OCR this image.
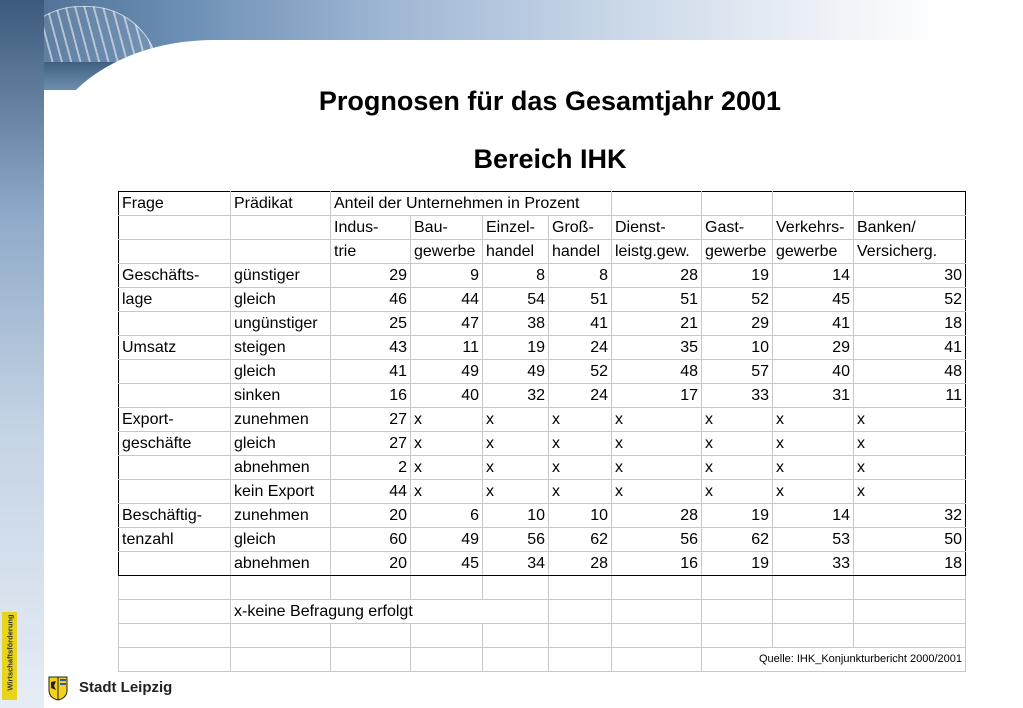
Prognosen für das Gesamtjahr 2001
Bereich IHK
Frage	Prädikat	Anteil der Unternehmen in Prozent							
		Indus-	Bau-	Einzel-	Groß-	Dienst-	Gast-	Verkehrs-	Banken/
		trie	gewerbe	handel	handel	leistg.gew.	gewerbe	gewerbe	Versicherg.
Geschäfts-	günstiger	29	9	8	8	28	19	14	30
lage	gleich	46	44	54	51	51	52	45	52
	ungünstiger	25	47	38	41	21	29	41	18
Umsatz	steigen	43	11	19	24	35	10	29	41
	gleich	41	49	49	52	48	57	40	48
	sinken	16	40	32	24	17	33	31	11
Export-	zunehmen	27	x	x	x	x	x	x	x
geschäfte	gleich	27	x	x	x	x	x	x	x
	abnehmen	2	x	x	x	x	x	x	x
	kein Export	44	x	x	x	x	x	x	x
Beschäftig-	zunehmen	20	6	10	10	28	19	14	32
tenzahl	gleich	60	49	56	62	56	62	53	50
	abnehmen	20	45	34	28	16	19	33	18

	x-keine Befragung erfolgt								

							Quelle: IHK_Konjunkturbericht 2000/2001		
Wirtschaftsförderung	Stadt Leipzig
